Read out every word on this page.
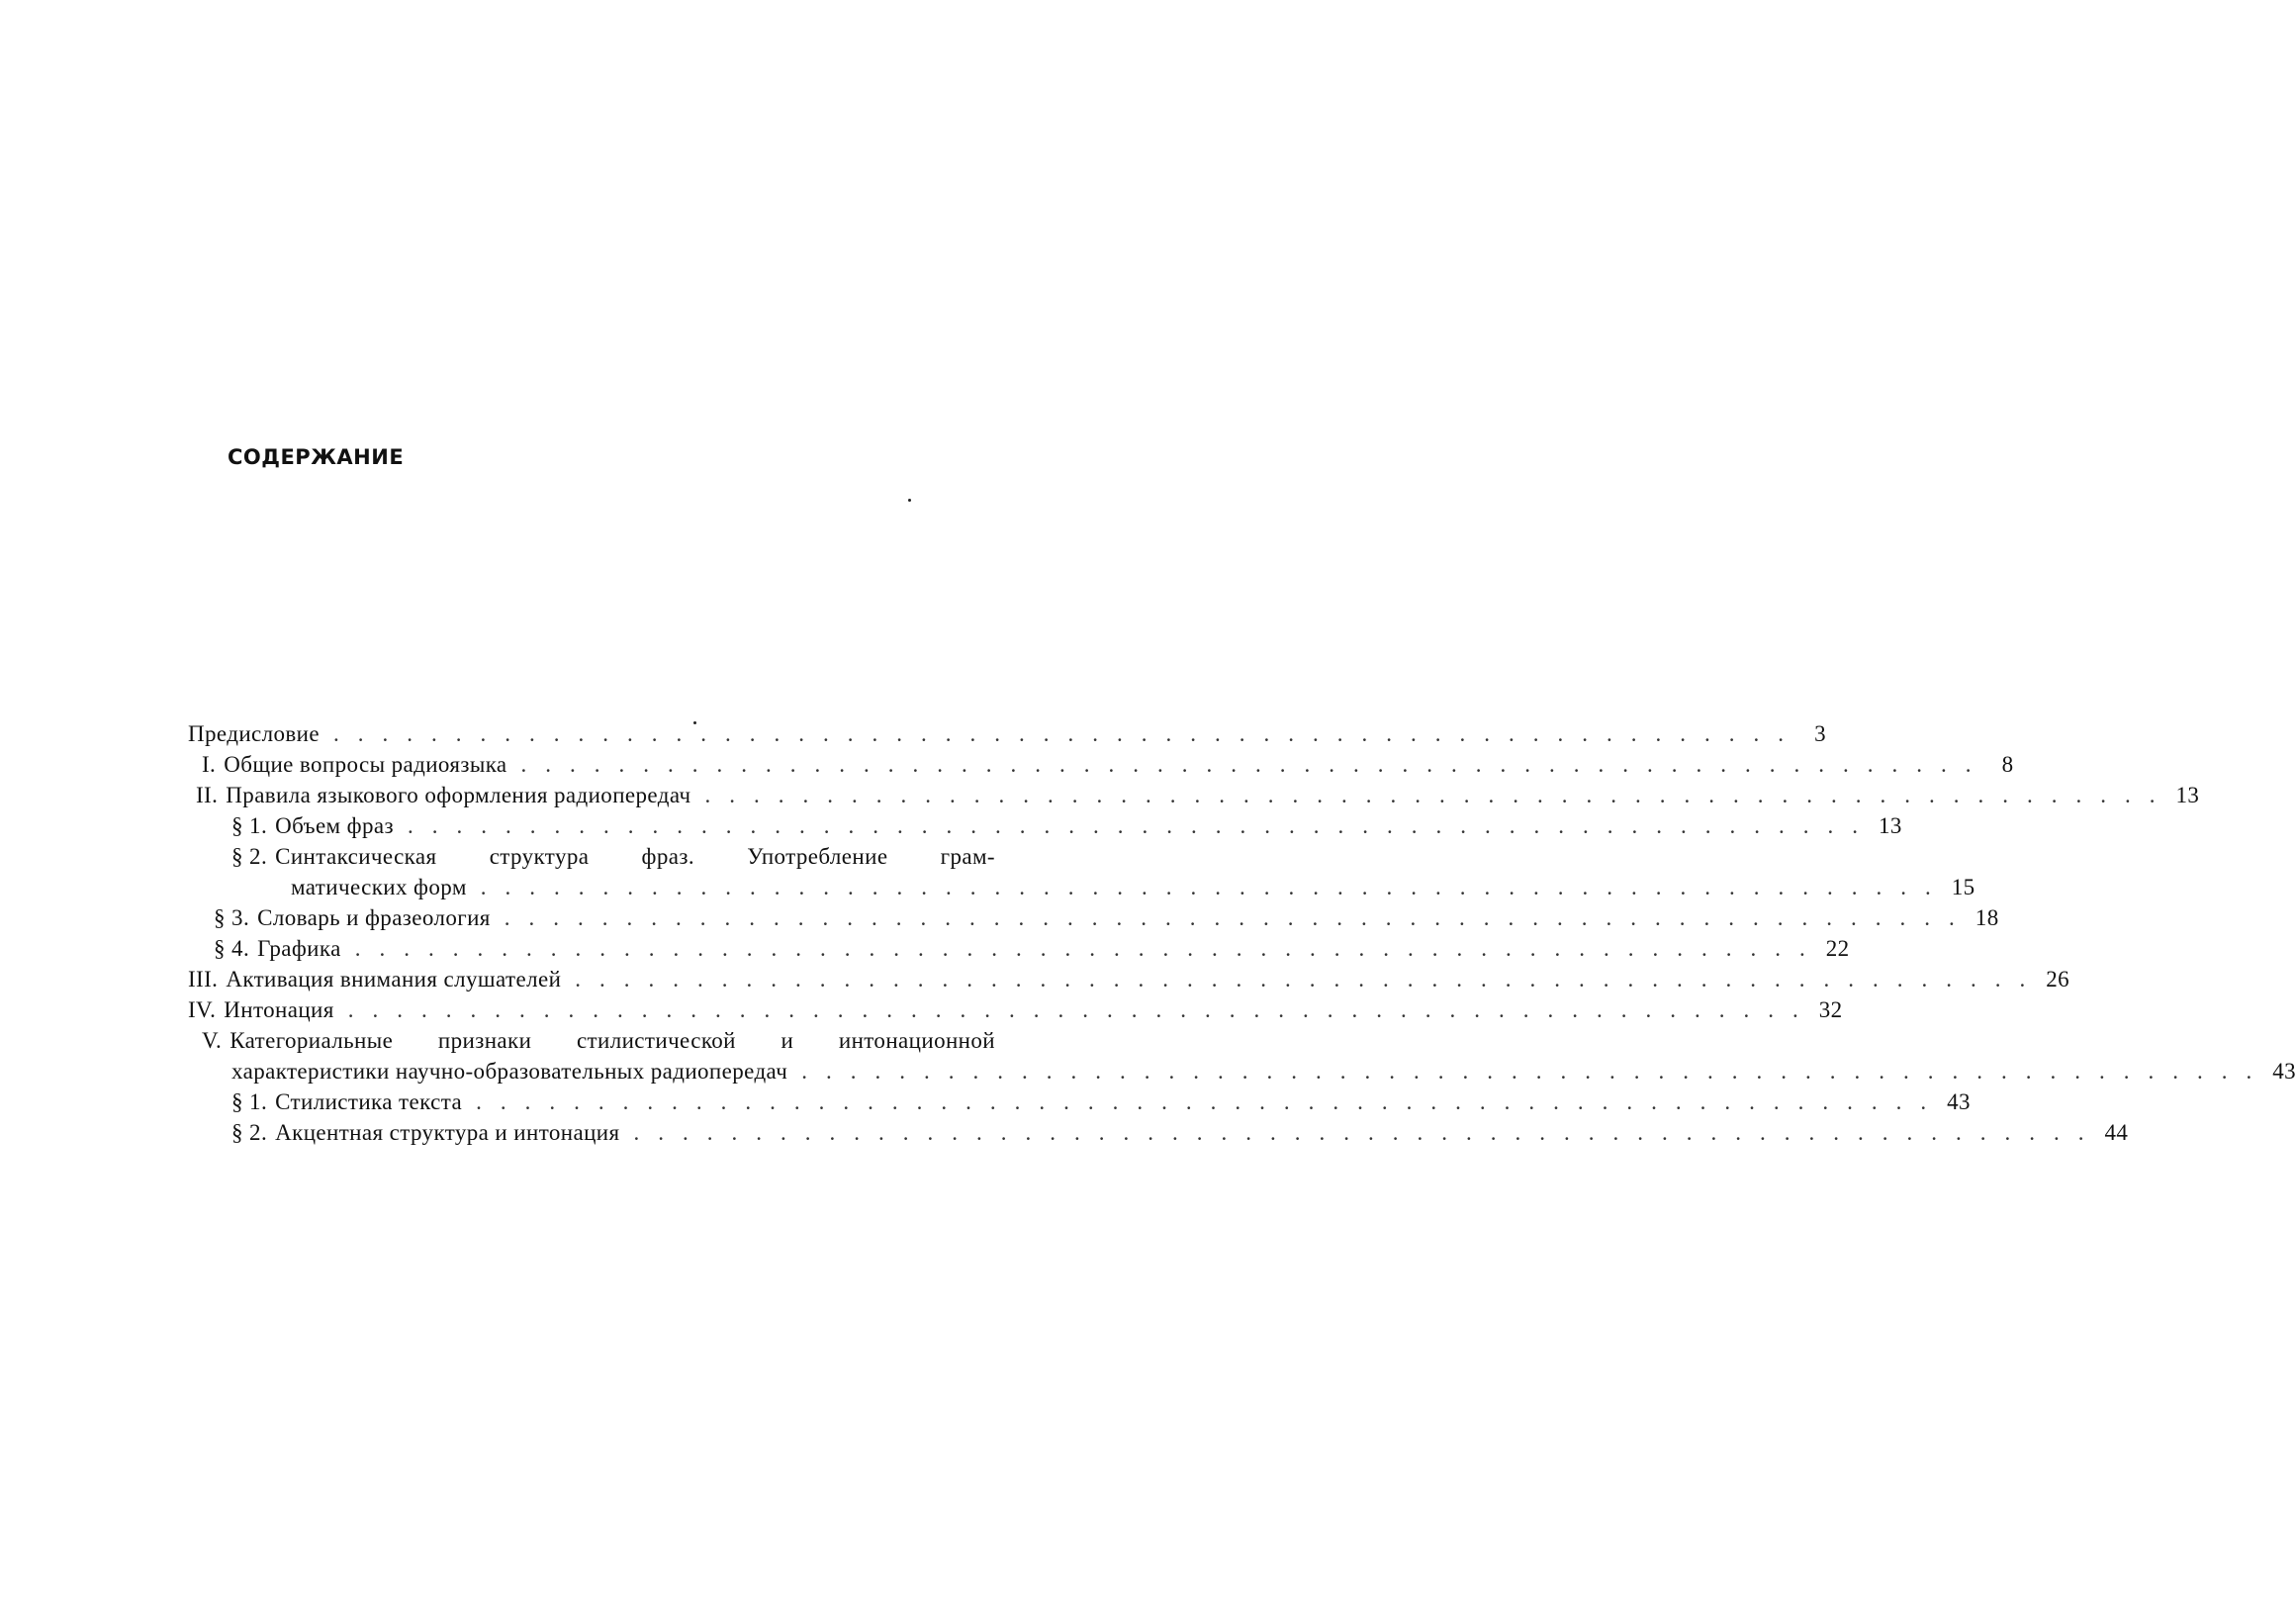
СОДЕРЖАНИЕ
Предисловие ............................................................ 3
I. Общие вопросы радиоязыка ............................................................ 8
II. Правила языкового оформления радиопередач ............................................................ 13
§ 1. Объем фраз ............................................................ 13
§ 2. Синтаксическая структура фраз. Употребление грам-
матических форм ............................................................ 15
§ 3. Словарь и фразеология ............................................................ 18
§ 4. Графика ............................................................ 22
III. Активация внимания слушателей ............................................................ 26
IV. Интонация ............................................................ 32
V. Категориальные признаки стилистической и интонационной
характеристики научно-образовательных радиопередач ............................................................ 43
§ 1. Стилистика текста ............................................................ 43
§ 2. Акцентная структура и интонация ............................................................ 44
